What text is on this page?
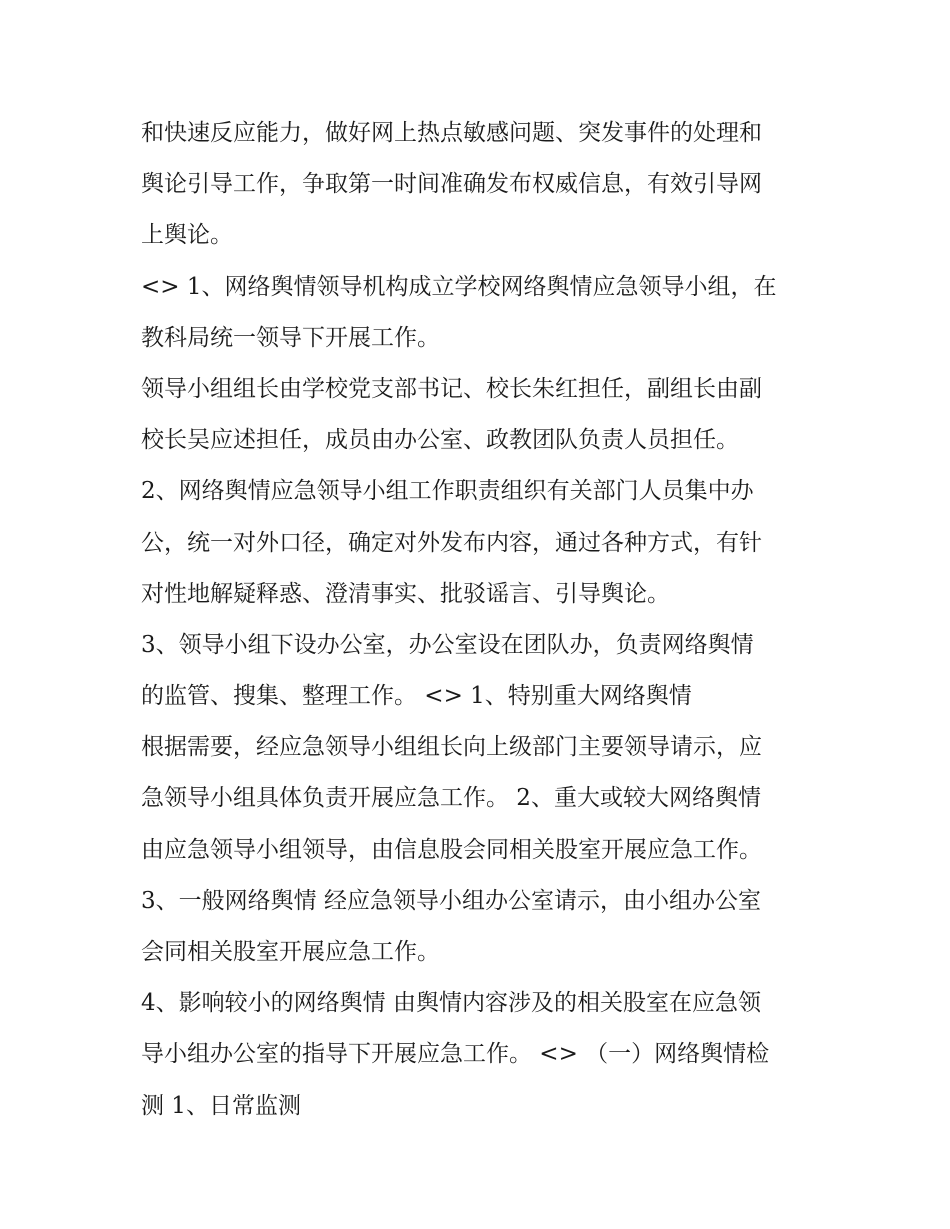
和快速反应能力，做好网上热点敏感问题、突发事件的处理和
舆论引导工作，争取第一时间准确发布权威信息，有效引导网
上舆论。
<> 1、网络舆情领导机构成立学校网络舆情应急领导小组，在
教科局统一领导下开展工作。
领导小组组长由学校党支部书记、校长朱红担任，副组长由副
校长吴应述担任，成员由办公室、政教团队负责人员担任。
2、网络舆情应急领导小组工作职责组织有关部门人员集中办
公，统一对外口径，确定对外发布内容，通过各种方式，有针
对性地解疑释惑、澄清事实、批驳谣言、引导舆论。
3、领导小组下设办公室，办公室设在团队办，负责网络舆情
的监管、搜集、整理工作。 <> 1、特别重大网络舆情
根据需要，经应急领导小组组长向上级部门主要领导请示，应
急领导小组具体负责开展应急工作。 2、重大或较大网络舆情
由应急领导小组领导，由信息股会同相关股室开展应急工作。
3、一般网络舆情 经应急领导小组办公室请示，由小组办公室
会同相关股室开展应急工作。
4、影响较小的网络舆情 由舆情内容涉及的相关股室在应急领
导小组办公室的指导下开展应急工作。 <> （一）网络舆情检
测 1、日常监测
